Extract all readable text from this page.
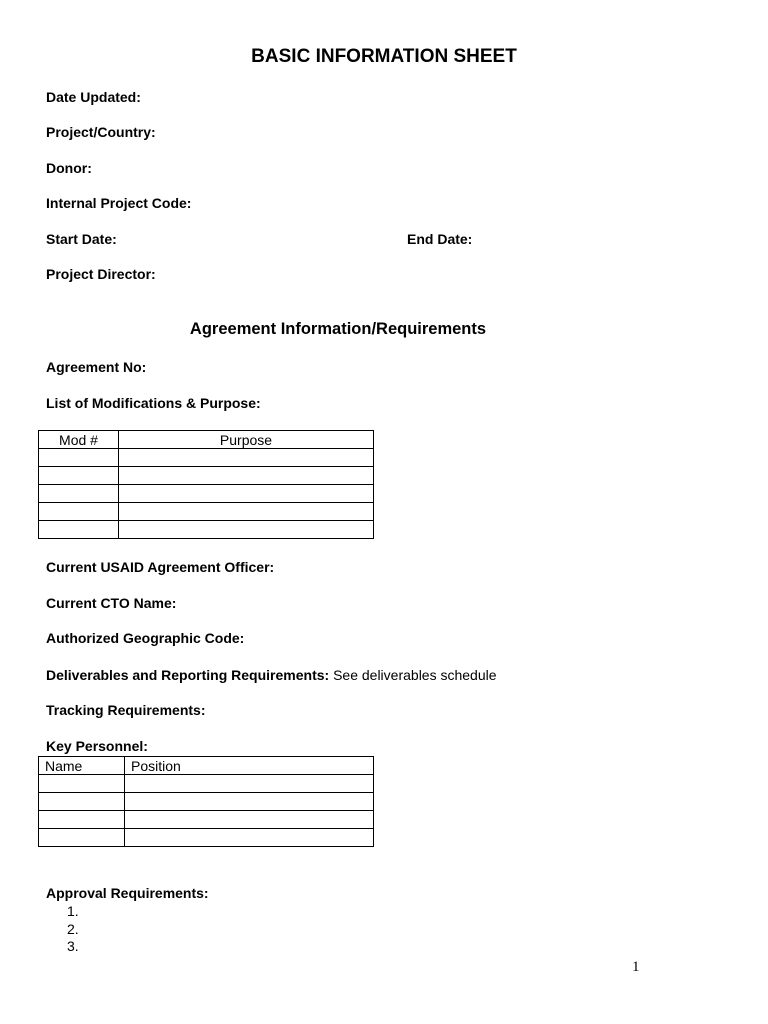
BASIC INFORMATION SHEET
Date Updated:
Project/Country:
Donor:
Internal Project Code:
Start Date:	End Date:
Project Director:
Agreement Information/Requirements
Agreement No:
List of Modifications & Purpose:
Mod #	Purpose

Current USAID Agreement Officer:
Current CTO Name:
Authorized Geographic Code:
Deliverables and Reporting Requirements: See deliverables schedule
Tracking Requirements:
Key Personnel:
Name	Position

Approval Requirements:
1.
2.
3.
1
